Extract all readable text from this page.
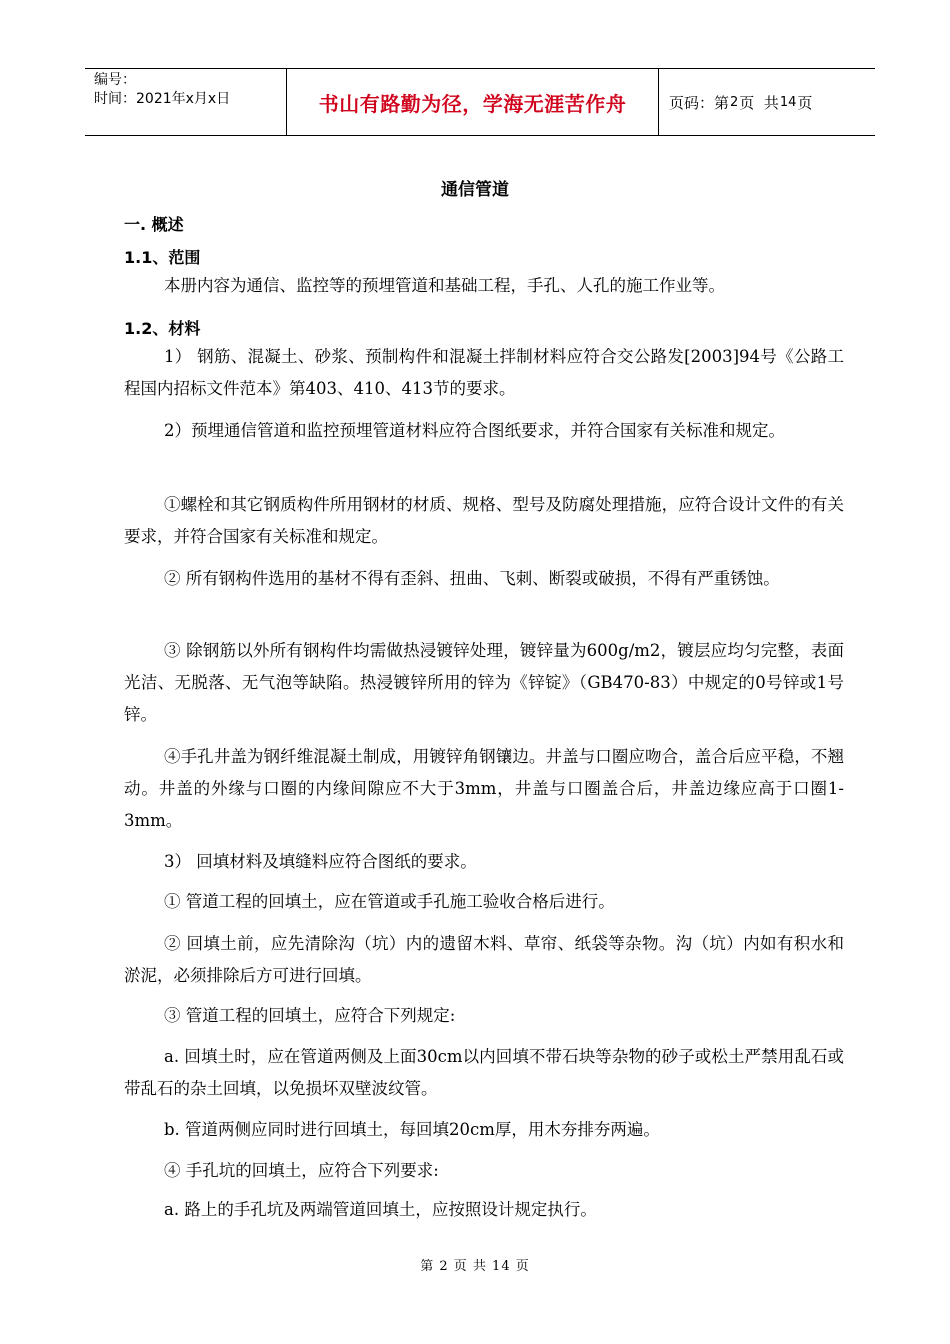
编号：
时间：2021年x月x日	书山有路勤为径，学海无涯苦作舟	页码：第 2 页  共 14 页
通信管道
一. 概述
1.1、范围
本册内容为通信、监控等的预埋管道和基础工程，手孔、人孔的施工作业等。
1.2、材料
1） 钢筋、混凝土、砂浆、预制构件和混凝土拌制材料应符合交公路发[2003]94号《公路工程国内招标文件范本》第403、410、413节的要求。
2）预埋通信管道和监控预埋管道材料应符合图纸要求，并符合国家有关标准和规定。
①螺栓和其它钢质构件所用钢材的材质、规格、型号及防腐处理措施，应符合设计文件的有关要求，并符合国家有关标准和规定。
② 所有钢构件选用的基材不得有歪斜、扭曲、飞刺、断裂或破损，不得有严重锈蚀。
③ 除钢筋以外所有钢构件均需做热浸镀锌处理，镀锌量为600g/m2，镀层应均匀完整，表面光洁、无脱落、无气泡等缺陷。热浸镀锌所用的锌为《锌锭》（GB470-83）中规定的0号锌或1号锌。
④手孔井盖为钢纤维混凝土制成，用镀锌角钢镶边。井盖与口圈应吻合，盖合后应平稳，不翘动。井盖的外缘与口圈的内缘间隙应不大于3mm，井盖与口圈盖合后，井盖边缘应高于口圈1-3mm。
3） 回填材料及填缝料应符合图纸的要求。
① 管道工程的回填土，应在管道或手孔施工验收合格后进行。
② 回填土前，应先清除沟（坑）内的遗留木料、草帘、纸袋等杂物。沟（坑）内如有积水和淤泥，必须排除后方可进行回填。
③ 管道工程的回填土，应符合下列规定:
a. 回填土时，应在管道两侧及上面30cm以内回填不带石块等杂物的砂子或松土严禁用乱石或带乱石的杂土回填，以免损坏双壁波纹管。
b. 管道两侧应同时进行回填土，每回填20cm厚，用木夯排夯两遍。
④ 手孔坑的回填土，应符合下列要求:
a. 路上的手孔坑及两端管道回填土，应按照设计规定执行。
第 2 页 共 14 页
